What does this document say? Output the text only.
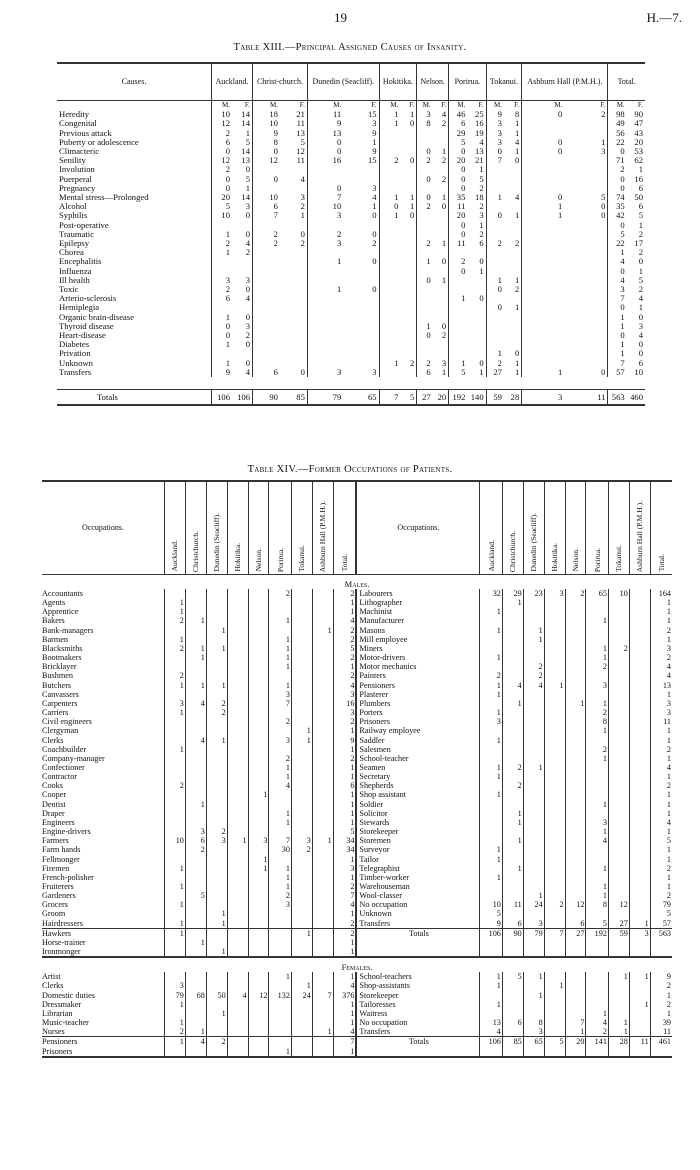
19	H.—7.
Table XIII.—Principal Assigned Causes of Insanity.
Causes.	Auckland.		Christ-church.		Dunedin (Seacliff).		Hokitika.		Nelson.		Porirua.		Tokanui.		Ashburn Hall (P.M.H.).		Total.	
	M.	F.	M.	F.	M.	F.	M.	F.	M.	F.	M.	F.	M.	F.	M.	F.	M.	F.
Heredity	10	14	18	21	11	15	1	1	3	4	46	25	9	8	0	2	98	90
Congenital	12	14	10	11	9	3	1	0	8	2	6	16	3	1			49	47
Previous attack	2	1	9	13	13	9					29	19	3	1			56	43
Puberty or adolescence	6	5	8	5	0	1					5	4	3	4	0	1	22	20
Climacteric	0	14	0	12	0	9			0	1	0	13	0	1	0	3	0	53
Senility	12	13	12	11	16	15	2	0	2	2	20	21	7	0			71	62
Involution	2	0									0	1					2	1
Puerperal	0	5	0	4					0	2	0	5					0	16
Pregnancy	0	1			0	3					0	2					0	6
Mental stress—Prolonged	20	14	10	3	7	4	1	1	0	1	35	18	1	4	0	5	74	50
Alcohol	5	3	6	2	10	1	0	1	2	0	11	2			1	0	35	6
Syphilis	10	0	7	1	3	0	1	0			20	3	0	1	1	0	42	5
Post-operative											0	1					0	1
Traumatic	1	0	2	0	2	0					0	2					5	2
Epilepsy	2	4	2	2	3	2			2	1	11	6	2	2			22	17
Chorea	1	2															1	2
Encephalitis					1	0			1	0	2	0					4	0
Influenza											0	1					0	1
Ill health	3	3							0	1			1	1			4	5
Toxic	2	0			1	0							0	2			3	2
Arterio-sclerosis	6	4									1	0					7	4
Hemiplegia													0	1			0	1
Organic brain-disease	1	0															1	0
Thyroid disease	0	3							1	0							1	3
Heart-disease	0	2							0	2							0	4
Diabetes	1	0															1	0
Privation													1	0			1	0
Unknown	1	0					1	2	2	3	1	0	2	1			7	6
Transfers	9	4	6	0	3	3			6	1	5	1	27	1	1	0	57	10

Totals	106	106	90	85	79	65	7	5	27	20	192	140	59	28	3	11	563	460
Table XIV.—Former Occupations of Patients.
Occupations.	Auckland.	Christchurch.	Dunedin (Seacliff).	Hokitika.	Nelson.	Porirua.	Tokanui.	Ashburn Hall (P.M.H.).	Total.	Occupations.	Auckland.	Christchurch.	Dunedin (Seacliff).	Hokitika.	Nelson.	Porirua.	Tokanui.	Ashburn Hall (P.M.H.).	Total.
Males.																			
Accountants						2			2	Labourers	32	29	23	3	2	65	10		164
Agents	1								1	Lithographer		1							1
Apprentice	1								1	Machinist	1								1
Bakers	2	1				1			4	Manufacturer						1			1
Bank-managers			1					1	2	Masons	1		1						2
Barmen	1					1			2	Mill employee			1						1
Blacksmiths	2	1	1			1			5	Miners						1	2		3
Bootmakers		1				1			2	Motor-drivers	1					1			2
Bricklayer						1			1	Motor mechanics			2			2			4
Bushmen	2								2	Painters	2		2						4
Butchers	1	1	1			1			4	Pensioners	1	4	4	1		3			13
Canvassers						3			3	Plasterer	1								1
Carpenters	3	4	2			7			16	Plumbers		1			1	1			3
Carriers	1		2						3	Porters	1					2			3
Civil engineers						2			2	Prisoners	3					8			11
Clergyman							1		1	Railway employee						1			1
Clerks		4	1			3	1		9	Saddler	1								1
Coachbuilder	1								1	Salesmen						2			2
Company-manager						2			2	School-teacher						1			1
Confectioner						1			1	Seamen	1	2	1						4
Contractor						1			1	Secretary	1								1
Cooks	2					4			6	Shepherds		2							2
Cooper					1				1	Shop assistant	1								1
Dentist		1							1	Soldier						1			1
Draper						1			1	Solicitor		1							1
Engineers						1			1	Stewards		1				3			4
Engine-drivers		3	2						5	Storekeeper						1			1
Farmers	10	6	3	1	3	7	3	1	34	Storemen		1				4			5
Farm hands		2				30	2		34	Surveyor	1								1
Fellmonger					1				1	Tailor	1								1
Firemen	1				1	1			3	Telegraphist		1				1			2
French-polisher						1			1	Timber-worker	1								1
Fruiterers	1					1			2	Warehouseman						1			1
Gardeners		5				2			7	Wool-classer			1			1			2
Grocers	1					3			4	No occupation	10	11	24	2	12	8	12		79
Groom			1						1	Unknown	5								5
Hairdressers	1		1						2	Transfers	9	6	3		6	5	27	1	57
Hawkers	1						1		2	Totals	106	90	79	7	27	192	59	3	563
Horse-trainer		1							1										
Ironmonger			1						1										
Females.																			
Artist						1			1	School-teachers	1	5	1				1	1	9
Clerks	3						1		4	Shop-assistants	1			1					2
Domestic duties	79	68	50	4	12	132	24	7	376	Storekeeper			1						1
Dressmaker	1								1	Tailoresses	1							1	2
Librarian			1						1	Waitress						1			1
Music-teacher	1								1	No occupation	13	6	8		7	4	1		39
Nurses	2	1						1	4	Transfers	4		3		1	2	1		11
Pensioners	1	4	2						7	Totals	106	85	65	5	20	141	28	11	461
Prisoners						1			1										
